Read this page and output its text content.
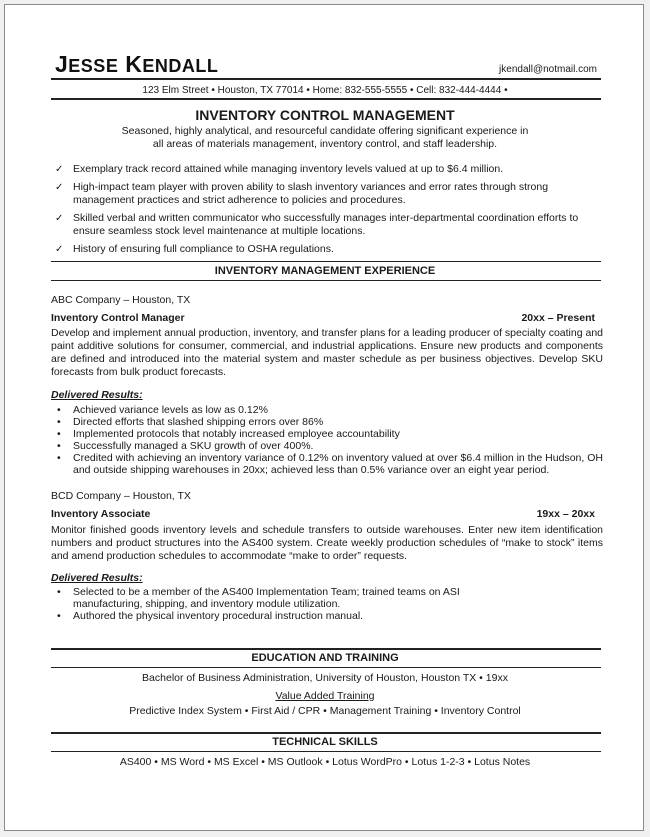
JESSE KENDALL	jkendall@notmail.com
123 Elm Street • Houston, TX 77014 • Home: 832-555-5555 • Cell: 832-444-4444 •
INVENTORY CONTROL MANAGEMENT
Seasoned, highly analytical, and resourceful candidate offering significant experience in all areas of materials management, inventory control, and staff leadership.
✓ Exemplary track record attained while managing inventory levels valued at up to $6.4 million.
✓ High-impact team player with proven ability to slash inventory variances and error rates through strong management practices and strict adherence to policies and procedures.
✓ Skilled verbal and written communicator who successfully manages inter-departmental coordination efforts to ensure seamless stock level maintenance at multiple locations.
✓ History of ensuring full compliance to OSHA regulations.
INVENTORY MANAGEMENT EXPERIENCE
ABC Company – Houston, TX
Inventory Control Manager	20xx – Present
Develop and implement annual production, inventory, and transfer plans for a leading producer of specialty coating and paint additive solutions for consumer, commercial, and industrial applications. Ensure new products and components are defined and introduced into the material system and master schedule as per business objectives. Develop SKU forecasts from bulk product forecasts.
Delivered Results:
• Achieved variance levels as low as 0.12%
• Directed efforts that slashed shipping errors over 86%
• Implemented protocols that notably increased employee accountability
• Successfully managed a SKU growth of over 400%.
• Credited with achieving an inventory variance of 0.12% on inventory valued at over $6.4 million in the Hudson, OH and outside shipping warehouses in 20xx; achieved less than 0.5% variance over an eight year period.
BCD Company – Houston, TX
Inventory Associate	19xx – 20xx
Monitor finished goods inventory levels and schedule transfers to outside warehouses. Enter new item identification numbers and product structures into the AS400 system. Create weekly production schedules of “make to stock” items and amend production schedules to accommodate “make to order” requests.
Delivered Results:
• Selected to be a member of the AS400 Implementation Team; trained teams on ASI manufacturing, shipping, and inventory module utilization.
• Authored the physical inventory procedural instruction manual.
EDUCATION AND TRAINING
Bachelor of Business Administration, University of Houston, Houston TX • 19xx
Value Added Training
Predictive Index System • First Aid / CPR • Management Training • Inventory Control
TECHNICAL SKILLS
AS400 • MS Word • MS Excel • MS Outlook • Lotus WordPro • Lotus 1-2-3 • Lotus Notes
